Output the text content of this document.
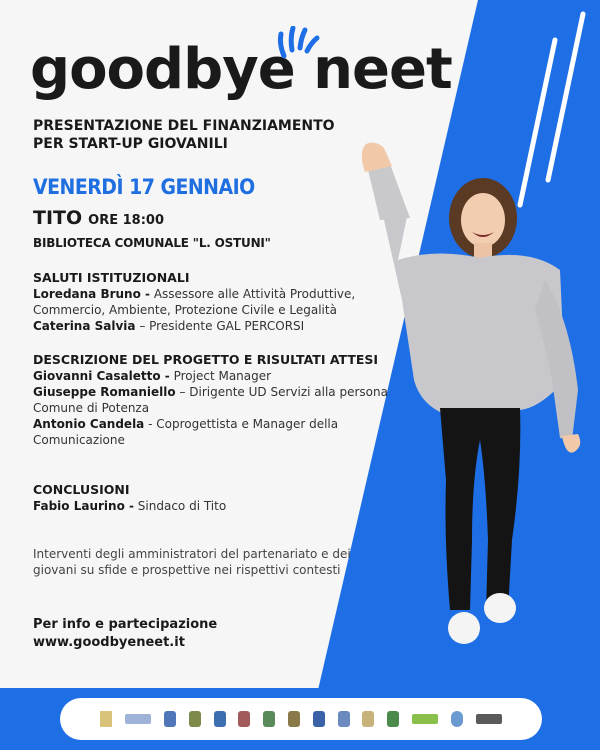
goodbye neet
PRESENTAZIONE DEL FINANZIAMENTO PER START-UP GIOVANILI
VENERDÌ 17 GENNAIO
TITO ORE 18:00
BIBLIOTECA COMUNALE "L. OSTUNI"
SALUTI ISTITUZIONALI
Loredana Bruno - Assessore alle Attività Produttive, Commercio, Ambiente, Protezione Civile e Legalità
Caterina Salvia – Presidente GAL PERCORSI
DESCRIZIONE DEL PROGETTO E RISULTATI ATTESI
Giovanni Casaletto - Project Manager
Giuseppe Romaniello – Dirigente UD Servizi alla persona Comune di Potenza
Antonio Candela - Coprogettista e Manager della Comunicazione
CONCLUSIONI
Fabio Laurino - Sindaco di Tito
Interventi degli amministratori del partenariato e dei giovani su sfide e prospettive nei rispettivi contesti
Per info e partecipazione
www.goodbyeneet.it
